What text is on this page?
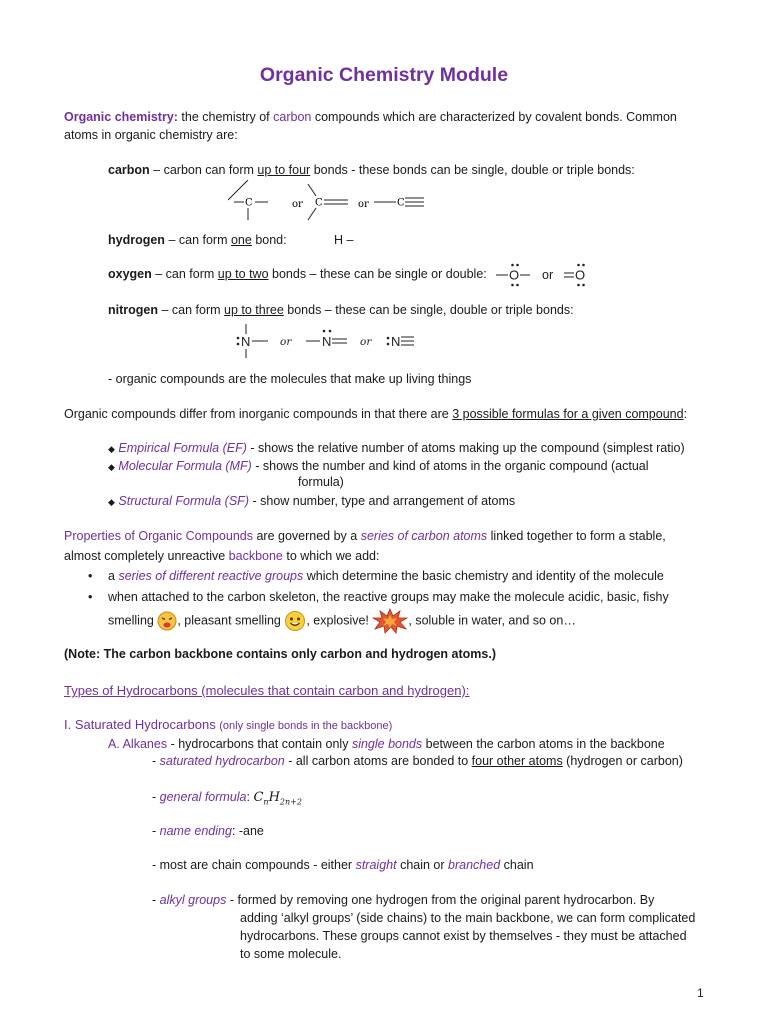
Organic Chemistry Module
Organic chemistry: the chemistry of carbon compounds which are characterized by covalent bonds. Common
atoms in organic chemistry are:
carbon – carbon can form up to four bonds - these bonds can be single, double or triple bonds:
C	or C	or	C
hydrogen – can form one bond:	H –
oxygen – can form up to two bonds – these can be single or double: O or O
nitrogen – can form up to three bonds – these can be single, double or triple bonds:
N	or N	or N
- organic compounds are the molecules that make up living things
Organic compounds differ from inorganic compounds in that there are 3 possible formulas for a given compound:
◆ Empirical Formula (EF) - shows the relative number of atoms making up the compound (simplest ratio)
◆ Molecular Formula (MF) - shows the number and kind of atoms in the organic compound (actual
formula)
◆ Structural Formula (SF) - show number, type and arrangement of atoms
Properties of Organic Compounds are governed by a series of carbon atoms linked together to form a stable,
almost completely unreactive backbone to which we add:
• a series of different reactive groups which determine the basic chemistry and identity of the molecule
• when attached to the carbon skeleton, the reactive groups may make the molecule acidic, basic, fishy
smelling , pleasant smelling , explosive!	, soluble in water, and so on…
(Note: The carbon backbone contains only carbon and hydrogen atoms.)
Types of Hydrocarbons (molecules that contain carbon and hydrogen):
I. Saturated Hydrocarbons (only single bonds in the backbone)
A. Alkanes - hydrocarbons that contain only single bonds between the carbon atoms in the backbone
- saturated hydrocarbon - all carbon atoms are bonded to four other atoms (hydrogen or carbon)
- general formula: $C_nH_{2n+2}$
- name ending: -ane
- most are chain compounds - either straight chain or branched chain
- alkyl groups - formed by removing one hydrogen from the original parent hydrocarbon. By
adding ‘alkyl groups’ (side chains) to the main backbone, we can form complicated
hydrocarbons. These groups cannot exist by themselves - they must be attached
to some molecule.
1
